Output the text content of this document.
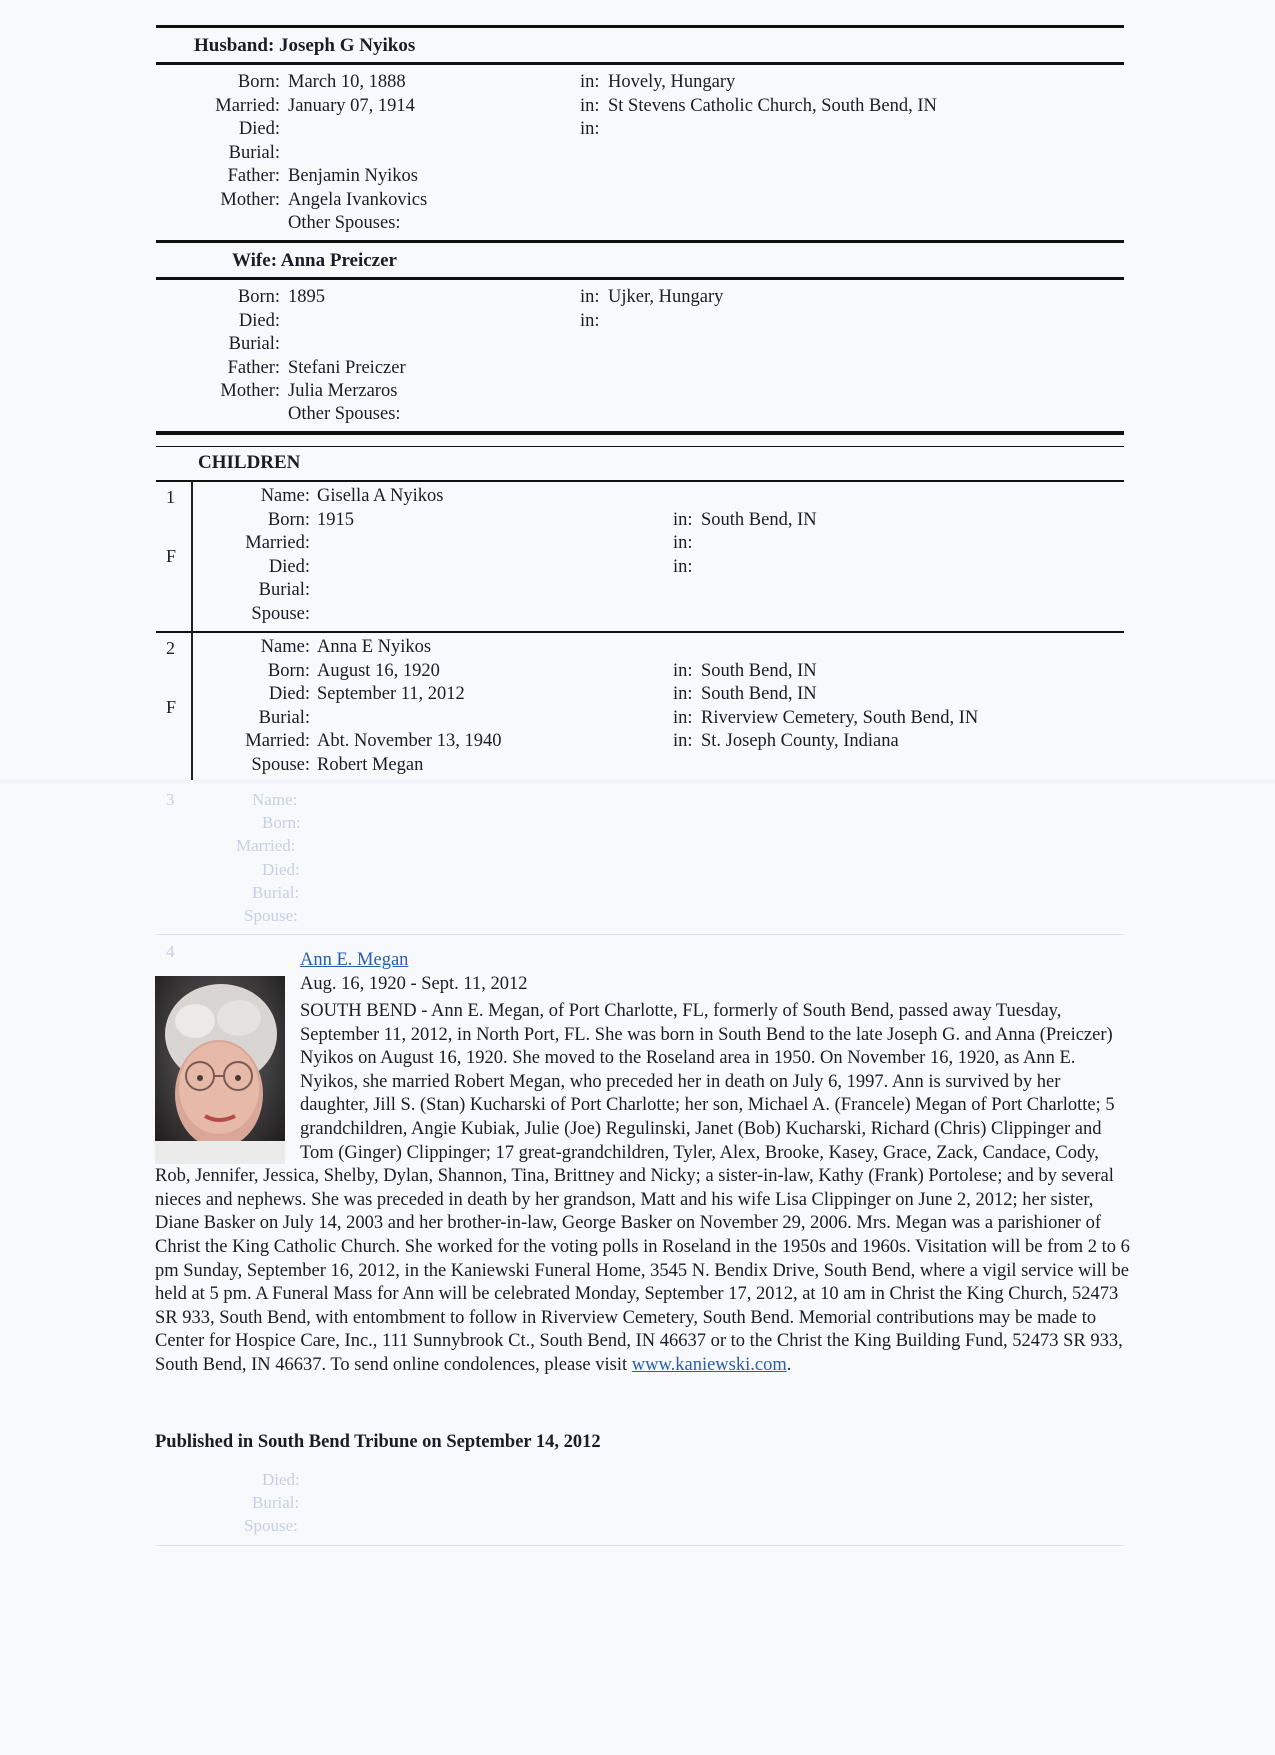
Husband: Joseph G Nyikos
Born: March 10, 1888	in: Hovely, Hungary
Married: January 07, 1914	in: St Stevens Catholic Church, South Bend, IN
Died:	in:
Burial:
Father: Benjamin Nyikos
Mother: Angela Ivankovics
Other Spouses:
Wife: Anna Preiczer
Born: 1895	in: Ujker, Hungary
Died:	in:
Burial:
Father: Stefani Preiczer
Mother: Julia Merzaros
Other Spouses:
CHILDREN
1
F
Name: Gisella A Nyikos
Born: 1915	in: South Bend, IN
Married:	in:
Died:	in:
Burial:
Spouse:
2
F
Name: Anna E Nyikos
Born: August 16, 1920	in: South Bend, IN
Died: September 11, 2012	in: South Bend, IN
Burial:	in: Riverview Cemetery, South Bend, IN
Married: Abt. November 13, 1940	in: St. Joseph County, Indiana
Spouse: Robert Megan
3	Name:
Born:
Married:
Died:
Burial:
Spouse:
4
Died:
Burial:
Spouse:
Ann E. Megan
Aug. 16, 1920 - Sept. 11, 2012
SOUTH BEND - Ann E. Megan, of Port Charlotte, FL, formerly of South Bend, passed away Tuesday, September 11, 2012, in North Port, FL. She was born in South Bend to the late Joseph G. and Anna (Preiczer) Nyikos on August 16, 1920. She moved to the Roseland area in 1950. On November 16, 1920, as Ann E. Nyikos, she married Robert Megan, who preceded her in death on July 6, 1997. Ann is survived by her daughter, Jill S. (Stan) Kucharski of Port Charlotte; her son, Michael A. (Francele) Megan of Port Charlotte; 5 grandchildren, Angie Kubiak, Julie (Joe) Regulinski, Janet (Bob) Kucharski, Richard (Chris) Clippinger and Tom (Ginger) Clippinger; 17 great-grandchildren, Tyler, Alex, Brooke, Kasey, Grace, Zack, Candace, Cody, Rob, Jennifer, Jessica, Shelby, Dylan, Shannon, Tina, Brittney and Nicky; a sister-in-law, Kathy (Frank) Portolese; and by several nieces and nephews. She was preceded in death by her grandson, Matt and his wife Lisa Clippinger on June 2, 2012; her sister, Diane Basker on July 14, 2003 and her brother-in-law, George Basker on November 29, 2006. Mrs. Megan was a parishioner of Christ the King Catholic Church. She worked for the voting polls in Roseland in the 1950s and 1960s. Visitation will be from 2 to 6 pm Sunday, September 16, 2012, in the Kaniewski Funeral Home, 3545 N. Bendix Drive, South Bend, where a vigil service will be held at 5 pm. A Funeral Mass for Ann will be celebrated Monday, September 17, 2012, at 10 am in Christ the King Church, 52473 SR 933, South Bend, with entombment to follow in Riverview Cemetery, South Bend. Memorial contributions may be made to Center for Hospice Care, Inc., 111 Sunnybrook Ct., South Bend, IN 46637 or to the Christ the King Building Fund, 52473 SR 933, South Bend, IN 46637. To send online condolences, please visit www.kaniewski.com.
Published in South Bend Tribune on September 14, 2012
